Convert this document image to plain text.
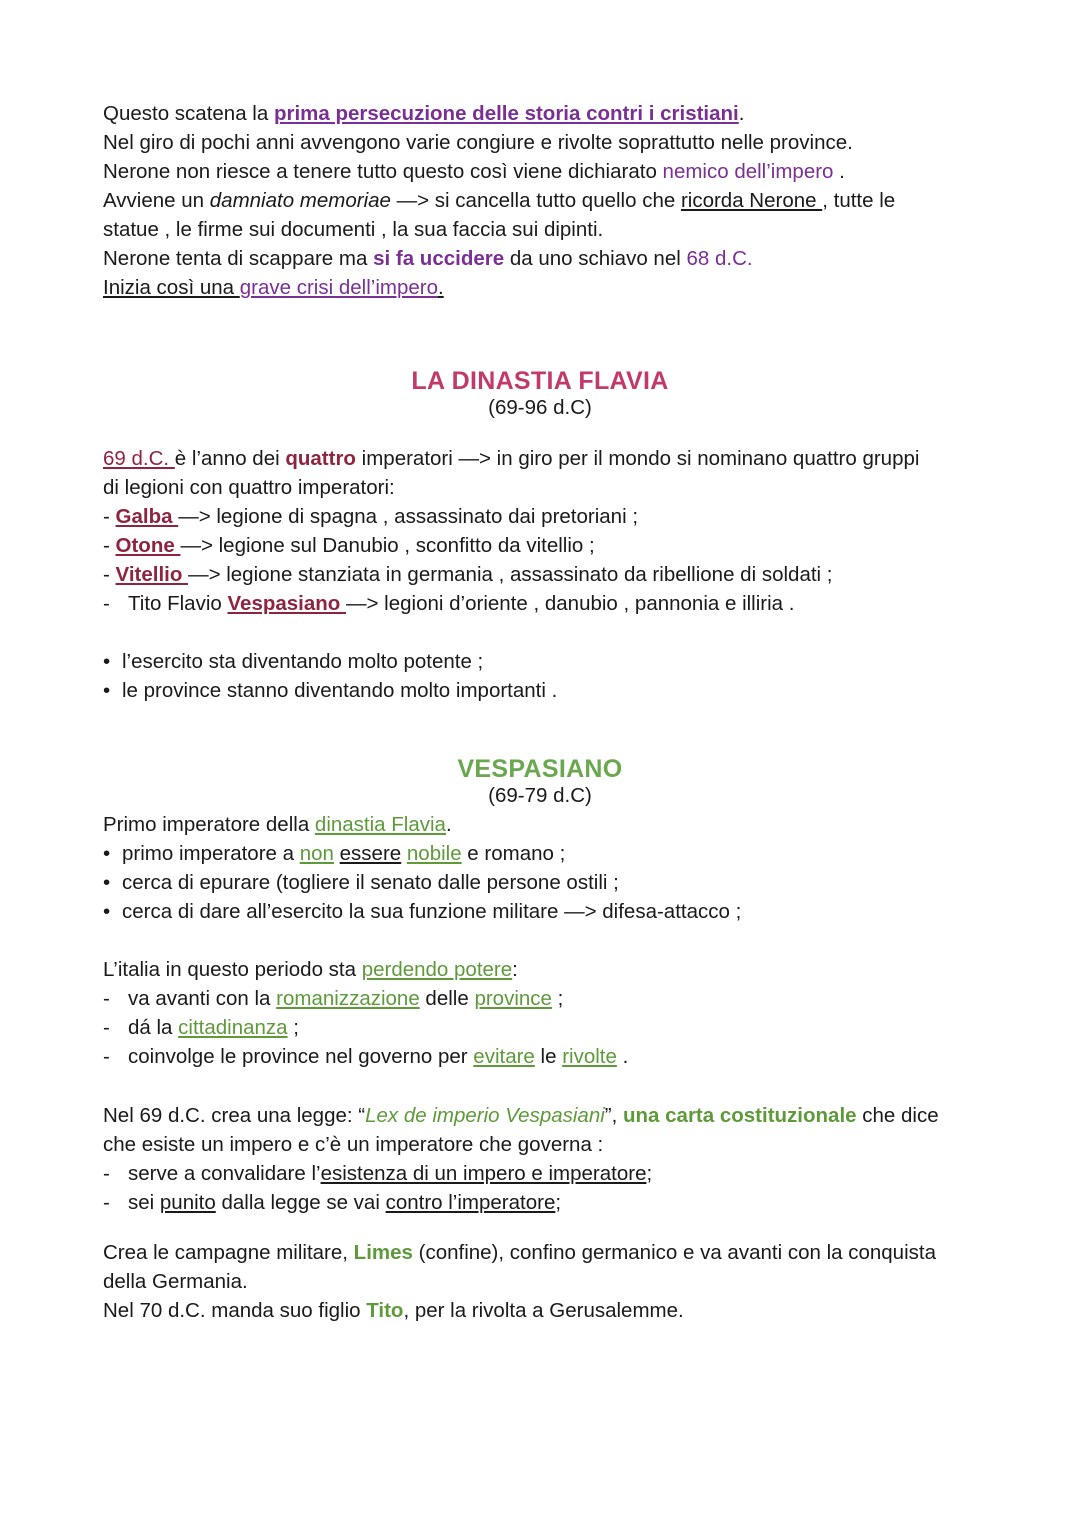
Questo scatena la prima persecuzione delle storia contri i cristiani.
Nel giro di pochi anni avvengono varie congiure e rivolte soprattutto nelle province.
Nerone non riesce a tenere tutto questo così viene dichiarato nemico dell’impero .
Avviene un damniato memoriae —> si cancella tutto quello che ricorda Nerone , tutte le
statue , le firme sui documenti , la sua faccia sui dipinti.
Nerone tenta di scappare ma si fa uccidere da uno schiavo nel 68 d.C.
Inizia così una grave crisi dell’impero.
LA DINASTIA FLAVIA
(69-96 d.C)
69 d.C. è l’anno dei quattro imperatori —> in giro per il mondo si nominano quattro gruppi
di legioni con quattro imperatori:
- Galba —> legione di spagna , assassinato dai pretoriani ;
- Otone —> legione sul Danubio , sconfitto da vitellio ;
- Vitellio —> legione stanziata in germania , assassinato da ribellione di soldati ;
- Tito Flavio Vespasiano —> legioni d’oriente , danubio , pannonia e illiria .
• l’esercito sta diventando molto potente ;
• le province stanno diventando molto importanti .
VESPASIANO
(69-79 d.C)
Primo imperatore della dinastia Flavia.
• primo imperatore a non essere nobile e romano ;
• cerca di epurare (togliere il senato dalle persone ostili ;
• cerca di dare all’esercito la sua funzione militare —> difesa-attacco ;
L’italia in questo periodo sta perdendo potere:
- va avanti con la romanizzazione delle province ;
- dá la cittadinanza ;
- coinvolge le province nel governo per evitare le rivolte .
Nel 69 d.C. crea una legge: “Lex de imperio Vespasiani”, una carta costituzionale che dice
che esiste un impero e c’è un imperatore che governa :
- serve a convalidare l’esistenza di un impero e imperatore;
- sei punito dalla legge se vai contro l’imperatore;
Crea le campagne militare, Limes (confine), confino germanico e va avanti con la conquista
della Germania.
Nel 70 d.C. manda suo figlio Tito, per la rivolta a Gerusalemme.
